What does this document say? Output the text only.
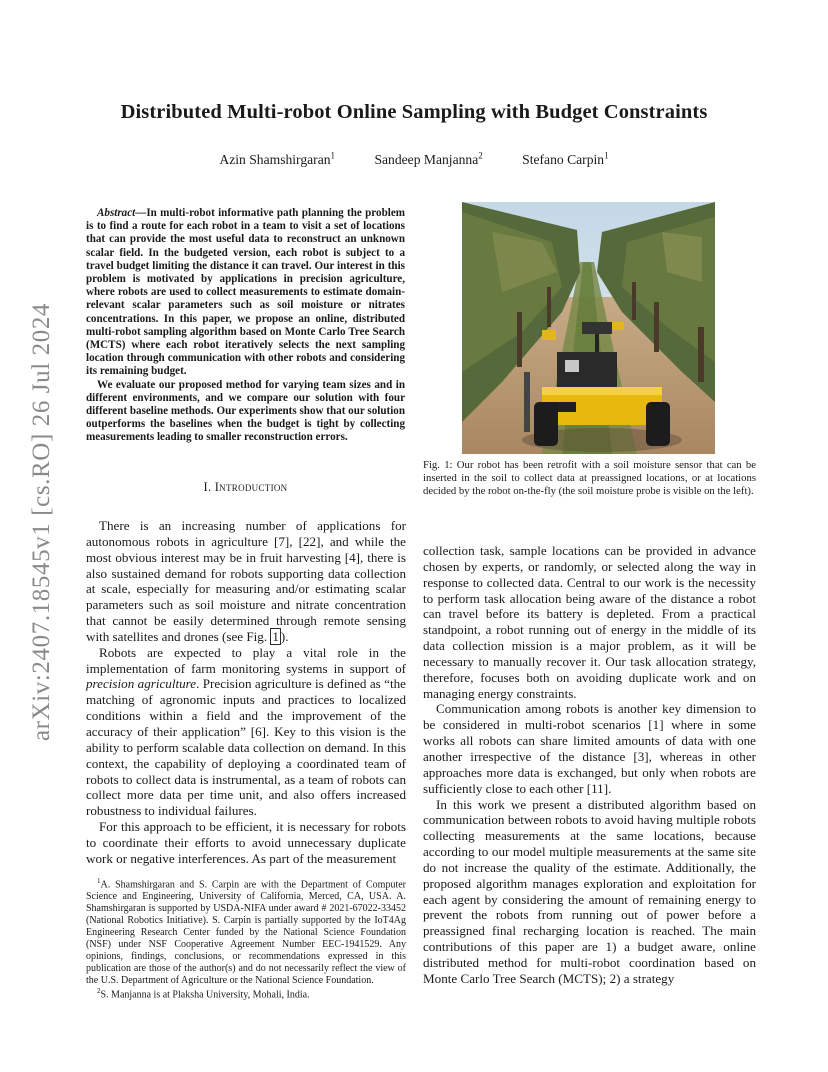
arXiv:2407.18545v1 [cs.RO] 26 Jul 2024
Distributed Multi-robot Online Sampling with Budget Constraints
Azin Shamshirgaran$^1$	Sandeep Manjanna$^2$	Stefano Carpin$^1$

Abstract—In multi-robot informative path planning the problem is to find a route for each robot in a team to visit a set of locations that can provide the most useful data to reconstruct an unknown scalar field. In the budgeted version, each robot is subject to a travel budget limiting the distance it can travel. Our interest in this problem is motivated by applications in precision agriculture, where robots are used to collect measurements to estimate domain-relevant scalar parameters such as soil moisture or nitrates concentrations. In this paper, we propose an online, distributed multi-robot sampling algorithm based on Monte Carlo Tree Search (MCTS) where each robot iteratively selects the next sampling location through communication with other robots and considering its remaining budget.

We evaluate our proposed method for varying team sizes and in different environments, and we compare our solution with four different baseline methods. Our experiments show that our solution outperforms the baselines when the budget is tight by collecting measurements leading to smaller reconstruction errors.

I. Introduction

There is an increasing number of applications for autonomous robots in agriculture [7], [22], and while the most obvious interest may be in fruit harvesting [4], there is also sustained demand for robots supporting data collection at scale, especially for measuring and/or estimating scalar parameters such as soil moisture and nitrate concentration that cannot be easily determined through remote sensing with satellites and drones (see Fig. 1 ).

Robots are expected to play a vital role in the implementation of farm monitoring systems in support of precision agriculture. Precision agriculture is defined as “the matching of agronomic inputs and practices to localized conditions within a field and the improvement of the accuracy of their application” [6]. Key to this vision is the ability to perform scalable data collection on demand. In this context, the capability of deploying a coordinated team of robots to collect data is instrumental, as a team of robots can collect more data per time unit, and also offers increased robustness to individual failures.

For this approach to be efficient, it is necessary for robots to coordinate their efforts to avoid unnecessary duplicate work or negative interferences. As part of the measurement

$^1$A. Shamshirgaran and S. Carpin are with the Department of Computer Science and Engineering, University of California, Merced, CA, USA. A. Shamshirgaran is supported by USDA-NIFA under award # 2021-67022-33452 (National Robotics Initiative). S. Carpin is partially supported by the IoT4Ag Engineering Research Center funded by the National Science Foundation (NSF) under NSF Cooperative Agreement Number EEC-1941529. Any opinions, findings, conclusions, or recommendations expressed in this publication are those of the author(s) and do not necessarily reflect the view of the U.S. Department of Agriculture or the National Science Foundation.

$^2$S. Manjanna is at Plaksha University, Mohali, India.

Fig. 1: Our robot has been retrofit with a soil moisture sensor that can be inserted in the soil to collect data at preassigned locations, or at locations decided by the robot on-the-fly (the soil moisture probe is visible on the left).

collection task, sample locations can be provided in advance chosen by experts, or randomly, or selected along the way in response to collected data. Central to our work is the necessity to perform task allocation being aware of the distance a robot can travel before its battery is depleted. From a practical standpoint, a robot running out of energy in the middle of its data collection mission is a major problem, as it will be necessary to manually recover it. Our task allocation strategy, therefore, focuses both on avoiding duplicate work and on managing energy constraints.

Communication among robots is another key dimension to be considered in multi-robot scenarios [1] where in some works all robots can share limited amounts of data with one another irrespective of the distance [3], whereas in other approaches more data is exchanged, but only when robots are sufficiently close to each other [11].

In this work we present a distributed algorithm based on communication between robots to avoid having multiple robots collecting measurements at the same locations, because according to our model multiple measurements at the same site do not increase the quality of the estimate. Additionally, the proposed algorithm manages exploration and exploitation for each agent by considering the amount of remaining energy to prevent the robots from running out of power before a preassigned final recharging location is reached. The main contributions of this paper are 1) a budget aware, online distributed method for multi-robot coordination based on Monte Carlo Tree Search (MCTS); 2) a strategy
